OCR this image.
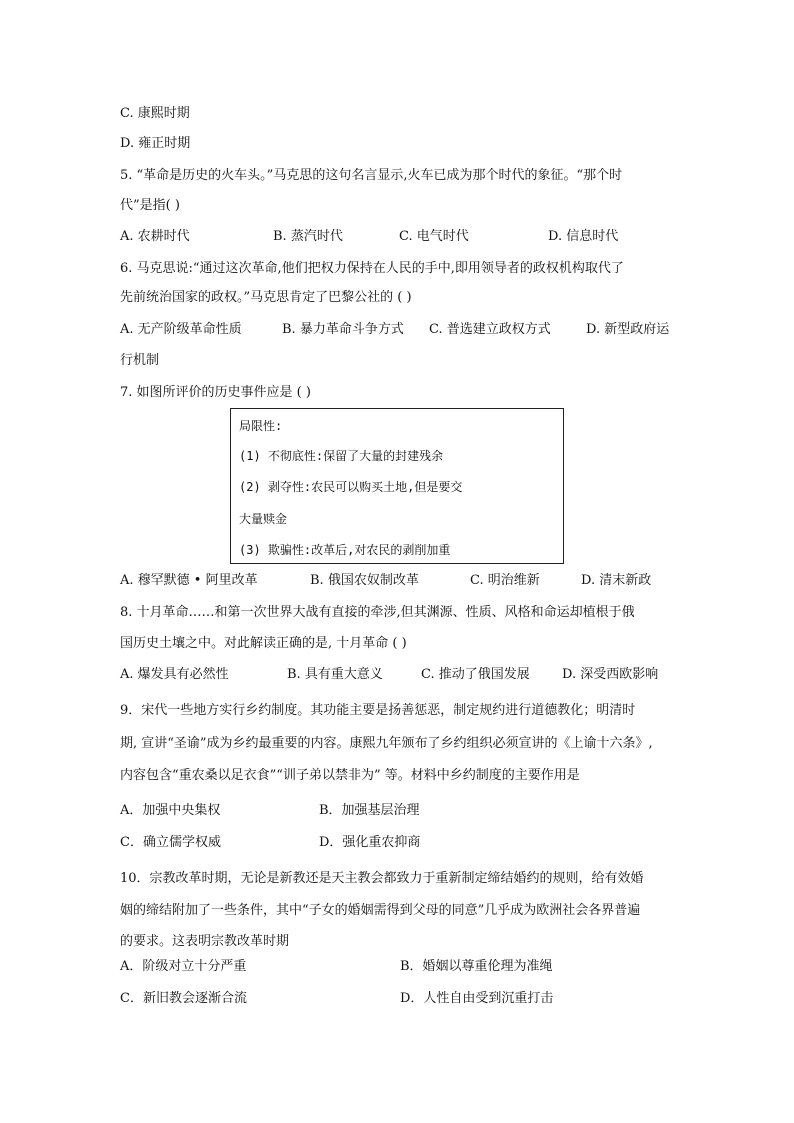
C. 康熙时期
D. 雍正时期
5. “革命是历史的火车头。”马克思的这句名言显示,火车已成为那个时代的象征。“那个时
代”是指( )
A. 农耕时代	B. 蒸汽时代	C. 电气时代	D. 信息时代
6. 马克思说:“通过这次革命,他们把权力保持在人民的手中,即用领导者的政权机构取代了
先前统治国家的政权。”马克思肯定了巴黎公社的 ( )
A. 无产阶级革命性质	B. 暴力革命斗争方式	C. 普选建立政权方式	D. 新型政府运
行机制
7. 如图所评价的历史事件应是 ( )
局限性:
(1) 不彻底性:保留了大量的封建残余
(2) 剥夺性:农民可以购买土地,但是要交
大量赎金
(3) 欺骗性:改革后,对农民的剥削加重
A. 穆罕默德 • 阿里改革	B. 俄国农奴制改革	C. 明治维新	D. 清末新政
8. 十月革命……和第一次世界大战有直接的牵涉,但其渊源、性质、风格和命运却植根于俄
国历史土壤之中。对此解读正确的是, 十月革命 ( )
A. 爆发具有必然性	B. 具有重大意义	C. 推动了俄国发展	D. 深受西欧影响
9．宋代一些地方实行乡约制度。其功能主要是扬善惩恶，制定规约进行道德教化；明清时
期, 宣讲“圣谕”成为乡约最重要的内容。康熙九年颁布了乡约组织必须宣讲的《上谕十六条》,
内容包含“重农桑以足衣食”“训子弟以禁非为” 等。材料中乡约制度的主要作用是
A．加强中央集权	B．加强基层治理
C．确立儒学权威	D．强化重农抑商
10．宗教改革时期，无论是新教还是天主教会都致力于重新制定缔结婚约的规则，给有效婚
姻的缔结附加了一些条件，其中“子女的婚姻需得到父母的同意”几乎成为欧洲社会各界普遍
的要求。这表明宗教改革时期
A．阶级对立十分严重	B．婚姻以尊重伦理为准绳
C．新旧教会逐渐合流	D．人性自由受到沉重打击
